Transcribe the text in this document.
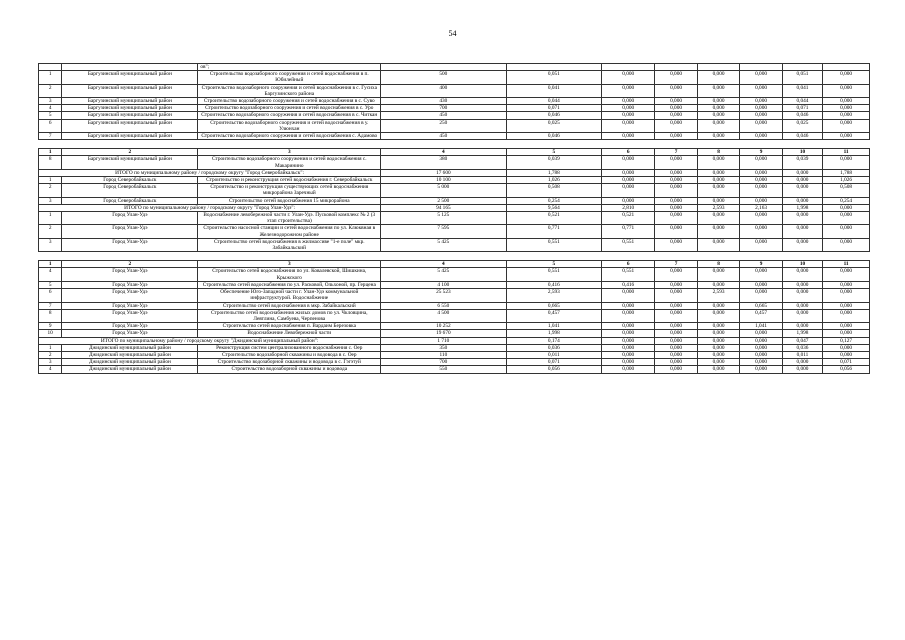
54
		ов";								
1	Баргузинский муниципальный район	Строительство водозаборного сооружения и сетей водоснабжения в п. Юбилейный	500	0,051	0,000	0,000	0,000	0,000	0,051	0,000
2	Баргузинский муниципальный район	Строительство водозаборного сооружения и сетей водоснабжения в с. Гусиха Баргузинского района	400	0,041	0,000	0,000	0,000	0,000	0,041	0,000
3	Баргузинский муниципальный район	Строительство водозаборного сооружения и сетей водоснабжения в с. Суво	430	0,044	0,000	0,000	0,000	0,000	0,044	0,000
4	Баргузинский муниципальный район	Строительство водозаборного сооружения и сетей водоснабжения в с. Уро	700	0,071	0,000	0,000	0,000	0,000	0,071	0,000
5	Баргузинский муниципальный район	Строительство водозаборного сооружения и сетей водоснабжения в с. Читкан	450	0,046	0,000	0,000	0,000	0,000	0,046	0,000
6	Баргузинский муниципальный район	Строительство водозаборного сооружения и сетей водоснабжения в у. Улюнхан	250	0,025	0,000	0,000	0,000	0,000	0,025	0,000
7	Баргузинский муниципальный район	Строительство водозаборного сооружения и сетей водоснабжения с. Адамово	450	0,046	0,000	0,000	0,000	0,000	0,046	0,000

1	2	3	4	5	6	7	8	9	10	11
8	Баргузинский муниципальный район	Строительство водозаборного сооружения и сетей водоснабжения с. Макаринино	380	0,039	0,000	0,000	0,000	0,000	0,039	0,000
ИТОГО по муниципальному району / городскому округу "Город Северобайкальск":			17 600	1,788	0,000	0,000	0,000	0,000	0,000	1,788
1	Город Северобайкальск	Строительство и реконструкция сетей водоснабжения г. Северобайкальск	10 100	1,026	0,000	0,000	0,000	0,000	0,000	1,026
2	Город Северобайкальск	Строительство и реконструкция существующих сетей водоснабжения микрорайона Заречный	5 000	0,508	0,000	0,000	0,000	0,000	0,000	0,508
3	Город Северобайкальск	Строительство сетей водоснабжения 15 микрорайона	2 500	0,254	0,000	0,000	0,000	0,000	0,000	0,254
ИТОГО по муниципальному району / городскому округу "Город Улан-Удэ":			94 165	9,564	2,810	0,000	2,593	2,163	1,998	0,000
1	Город Улан-Удэ	Водоснабжение левобережной части г. Улан-Удэ. Пусковой комплекс № 2 (3 этап строительства)	5 125	0,521	0,521	0,000	0,000	0,000	0,000	0,000
2	Город Улан-Удэ	Строительство насосной станции и сетей водоснабжения по ул. Клюквная в Железнодорожном районе	7 595	0,771	0,771	0,000	0,000	0,000	0,000	0,000
3	Город Улан-Удэ	Строительство сетей водоснабжения в жилмассиве "1-е поле" мкр. Забайкальский	5 425	0,551	0,551	0,000	0,000	0,000	0,000	0,000

1	2	3	4	5	6	7	8	9	10	11
4	Город Улан-Удэ	Строительство сетей водоснабжения по ул. Ковалевской, Шишкина, Крыжского	5 425	0,551	0,551	0,000	0,000	0,000	0,000	0,000
5	Город Улан-Удэ	Строительство сетей водоснабжения по ул. Расковой, Ольхоной, пр. Герцена	4 100	0,416	0,416	0,000	0,000	0,000	0,000	0,000
6	Город Улан-Удэ	Обеспечение Юго-Западной части г. Улан-Удэ коммунальной инфраструктурой. Водоснабжение	25 523	2,593	0,000	0,000	2,593	0,000	0,000	0,000
7	Город Улан-Удэ	Строительство сетей водоснабжения в мкр. Забайкальский	6 550	0,665	0,000	0,000	0,000	0,665	0,000	0,000
8	Город Улан-Удэ	Строительство сетей водоснабжения жилых домов по ул. Чкловцина, Левтлина, Самбуева, Черпенова	4 500	0,457	0,000	0,000	0,000	0,457	0,000	0,000
9	Город Улан-Удэ	Строительство сетей водоснабжения п. Вардаим Березовка	10 252	1,041	0,000	0,000	0,000	1,041	0,000	0,000
10	Город Улан-Удэ	Водоснабжение Левобережной части	19 670	1,998	0,000	0,000	0,000	0,000	1,998	0,000
ИТОГО по муниципальному району / городскому округу "Джидинский муниципальный район":			1 710	0,174	0,000	0,000	0,000	0,000	0,047	0,127
1	Джидинский муниципальный район	Реконструкция систем централизованного водоснабжения с. Оер	350	0,036	0,000	0,000	0,000	0,000	0,036	0,000
2	Джидинский муниципальный район	Строительство водозаборной скважины и водовода в с. Оер	110	0,011	0,000	0,000	0,000	0,000	0,011	0,000
3	Джидинский муниципальный район	Строительство водозаборной скважины и водовода в с. Гэгэтуй	700	0,071	0,000	0,000	0,000	0,000	0,000	0,071
4	Джидинский муниципальный район	Строительство водозаборной скважины и водовода	550	0,056	0,000	0,000	0,000	0,000	0,000	0,056
